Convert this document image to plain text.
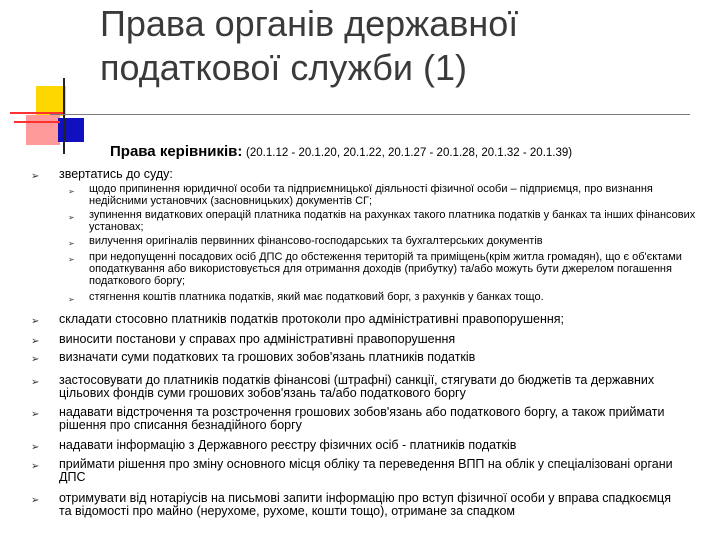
Права органів державної
податкової служби (1)
Права керівників: (20.1.12 - 20.1.20, 20.1.22, 20.1.27 - 20.1.28, 20.1.32 - 20.1.39)
➢ звертатись до суду:
➢ щодо припинення юридичної особи та підприємницької діяльності фізичної особи – підприємця, про визнання недійсними установчих (засновницьких) документів СГ;
➢ зупинення видаткових операцій платника податків на рахунках такого платника податків у банках та інших фінансових установах;
➢ вилучення оригіналів первинних фінансово-господарських та бухгалтерських документів
➢ при недопущенні посадових осіб ДПС до обстеження територій та приміщень(крім житла громадян), що є об'єктами оподаткування або використовується для отримання доходів (прибутку) та/або можуть бути джерелом погашення податкового боргу;
➢ стягнення коштів платника податків, який має податковий борг, з рахунків у банках тощо.
➢ складати стосовно платників податків протоколи про адміністративні правопорушення;
➢ виносити постанови у справах про адміністративні правопорушення
➢ визначати суми податкових та грошових зобов'язань платників податків
➢ застосовувати до платників податків фінансові (штрафні) санкції, стягувати до бюджетів та державних цільових фондів суми грошових зобов'язань та/або податкового боргу
➢ надавати відстрочення та розстрочення грошових зобов'язань або податкового боргу, а також приймати рішення про списання безнадійного боргу
➢ надавати інформацію з Державного реєстру фізичних осіб - платників податків
➢ приймати рішення про зміну основного місця обліку та переведення ВПП на облік у спеціалізовані органи ДПС
➢ отримувати від нотаріусів на письмові запити інформацію про вступ фізичної особи у вправа спадкоємця та відомості про майно (нерухоме, рухоме, кошти тощо), отримане за спадком
